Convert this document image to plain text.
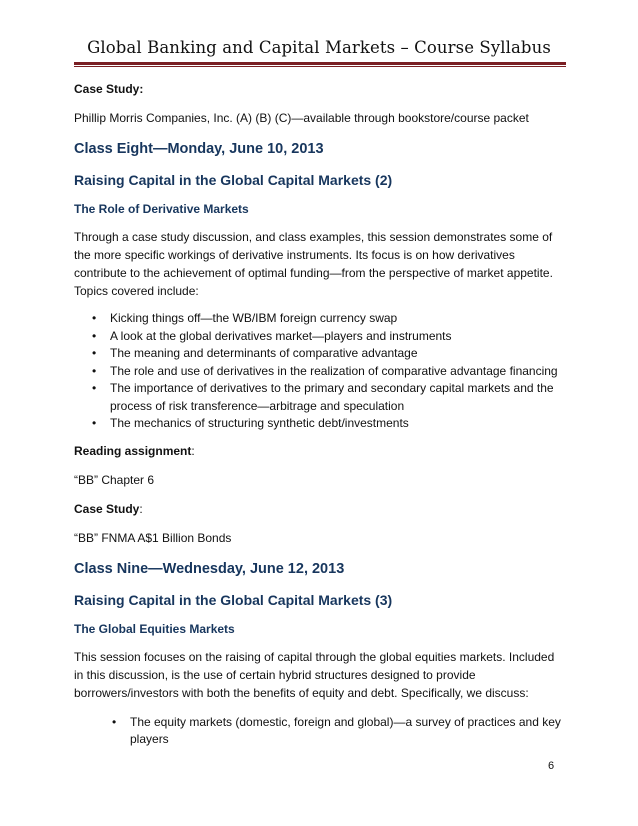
Global Banking and Capital Markets – Course Syllabus

Case Study:

Phillip Morris Companies, Inc. (A) (B) (C)—available through bookstore/course packet

Class Eight—Monday, June 10, 2013
Raising Capital in the Global Capital Markets (2)
The Role of Derivative Markets

Through a case study discussion, and class examples, this session demonstrates some of the more specific workings of derivative instruments. Its focus is on how derivatives contribute to the achievement of optimal funding—from the perspective of market appetite. Topics covered include:

• Kicking things off—the WB/IBM foreign currency swap
• A look at the global derivatives market—players and instruments
• The meaning and determinants of comparative advantage
• The role and use of derivatives in the realization of comparative advantage financing
• The importance of derivatives to the primary and secondary capital markets and the process of risk transference—arbitrage and speculation
• The mechanics of structuring synthetic debt/investments

Reading assignment:

“BB” Chapter 6

Case Study:

“BB” FNMA A$1 Billion Bonds

Class Nine—Wednesday, June 12, 2013
Raising Capital in the Global Capital Markets (3)
The Global Equities Markets

This session focuses on the raising of capital through the global equities markets. Included in this discussion, is the use of certain hybrid structures designed to provide borrowers/investors with both the benefits of equity and debt. Specifically, we discuss:

• The equity markets (domestic, foreign and global)—a survey of practices and key players
6
